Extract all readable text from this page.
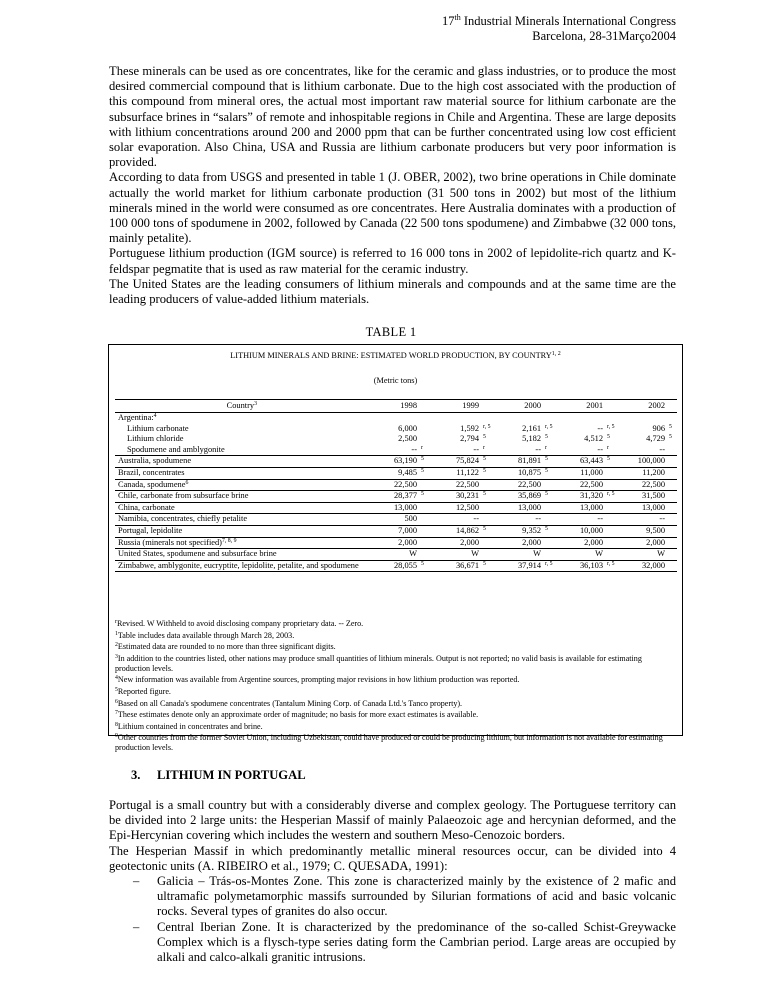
17th Industrial Minerals International Congress
Barcelona, 28-31Março2004

These minerals can be used as ore concentrates, like for the ceramic and glass industries, or to produce the most desired commercial compound that is lithium carbonate. Due to the high cost associated with the production of this compound from mineral ores, the actual most important raw material source for lithium carbonate are the subsurface brines in “salars” of remote and inhospitable regions in Chile and Argentina. These are large deposits with lithium concentrations around 200 and 2000 ppm that can be further concentrated using low cost efficient solar evaporation. Also China, USA and Russia are lithium carbonate producers but very poor information is provided.

According to data from USGS and presented in table 1 (J. OBER, 2002), two brine operations in Chile dominate actually the world market for lithium carbonate production (31 500 tons in 2002) but most of the lithium minerals mined in the world were consumed as ore concentrates. Here Australia dominates with a production of 100 000 tons of spodumene in 2002, followed by Canada (22 500 tons spodumene) and Zimbabwe (32 000 tons, mainly petalite).

Portuguese lithium production (IGM source) is referred to 16 000 tons in 2002 of lepidolite-rich quartz and K-feldspar pegmatite that is used as raw material for the ceramic industry.

The United States are the leading consumers of lithium minerals and compounds and at the same time are the leading producers of value-added lithium materials.

TABLE 1
LITHIUM MINERALS AND BRINE: ESTIMATED WORLD PRODUCTION, BY COUNTRY$^{1, 2}$
(Metric tons)
Country$^3$	1998		1999		2000		2001		2002	
Argentina:$^4$										
Lithium carbonate	6,000		1,592	r, 5	2,161	r, 5	--	r, 5	906	5
Lithium chloride	2,500		2,794	5	5,182	5	4,512	5	4,729	5
Spodumene and amblygonite	--	r	--	r	--	r	--	r	--	
Australia, spodumene	63,190	5	75,824	5	81,891	5	63,443	5	100,000	
Brazil, concentrates	9,485	5	11,122	5	10,875	5	11,000		11,200	
Canada, spodumene$^6$	22,500		22,500		22,500		22,500		22,500	
Chile, carbonate from subsurface brine	28,377	5	30,231	5	35,869	5	31,320	r, 5	31,500	
China, carbonate	13,000		12,500		13,000		13,000		13,000	
Namibia, concentrates, chiefly petalite	500		--		--		--		--	
Portugal, lepidolite	7,000		14,862	5	9,352	5	10,000		9,500	
Russia (minerals not specified)$^{7, 8, 9}$	2,000		2,000		2,000		2,000		2,000	
United States, spodumene and subsurface brine	W		W		W		W		W	
Zimbabwe, amblygonite, eucryptite, lepidolite, petalite, and spodumene	28,055	5	36,671	5	37,914	r, 5	36,103	r, 5	32,000	

$^r$Revised. W Withheld to avoid disclosing company proprietary data. -- Zero.

$^1$Table includes data available through March 28, 2003.

$^2$Estimated data are rounded to no more than three significant digits.

$^3$In addition to the countries listed, other nations may produce small quantities of lithium minerals. Output is not reported; no valid basis is available for estimating production levels.

$^4$New information was available from Argentine sources, prompting major revisions in how lithium production was reported.

$^5$Reported figure.

$^6$Based on all Canada's spodumene concentrates (Tantalum Mining Corp. of Canada Ltd.'s Tanco property).

$^7$These estimates denote only an approximate order of magnitude; no basis for more exact estimates is available.

$^8$Lithium contained in concentrates and brine.

$^9$Other countries from the former Soviet Union, including Uzbekistan, could have produced or could be producing lithium, but information is not available for estimating production levels.

3. LITHIUM IN PORTUGAL

Portugal is a small country but with a considerably diverse and complex geology. The Portuguese territory can be divided into 2 large units: the Hesperian Massif of mainly Palaeozoic age and hercynian deformed, and the Epi-Hercynian covering which includes the western and southern Meso-Cenozoic borders.

The Hesperian Massif in which predominantly metallic mineral resources occur, can be divided into 4 geotectonic units (A. RIBEIRO et al., 1979; C. QUESADA, 1991):

– Galicia – Trás-os-Montes Zone. This zone is characterized mainly by the existence of 2 mafic and ultramafic polymetamorphic massifs surrounded by Silurian formations of acid and basic volcanic rocks. Several types of granites do also occur.
– Central Iberian Zone. It is characterized by the predominance of the so-called Schist-Greywacke Complex which is a flysch-type series dating form the Cambrian period. Large areas are occupied by alkali and calco-alkali granitic intrusions.
